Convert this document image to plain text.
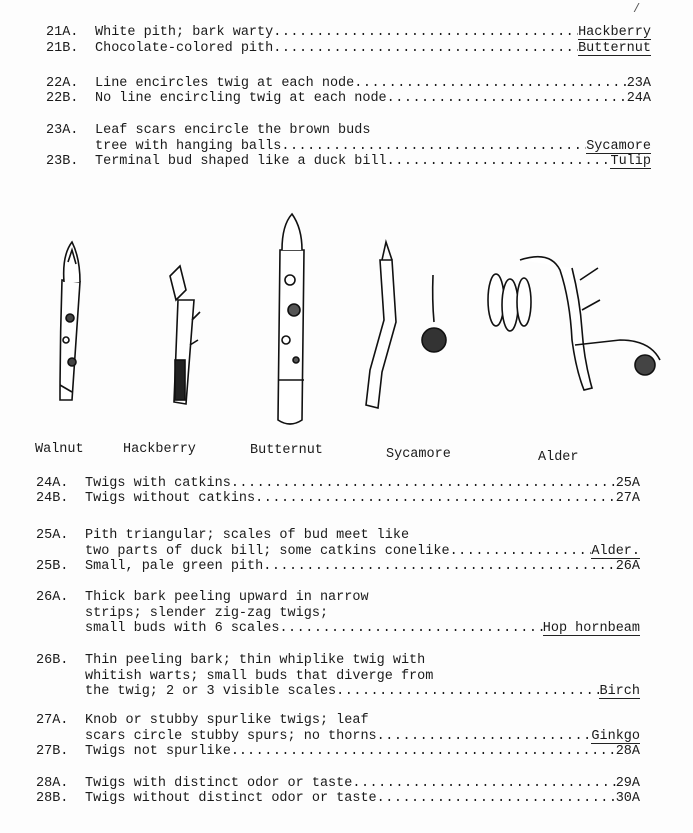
/
21A.	White pith; bark warty .....	Hackberry
21B.	Chocolate-colored pith .....	Butternut
22A.	Line encircles twig at each node .....	23A
22B.	No line encircling twig at each node .....	24A
23A.	Leaf scars encircle the brown buds
tree with hanging balls .....	Sycamore
23B.	Terminal bud shaped like a duck bill .....	Tulip
24A.	Twigs with catkins .....	25A
24B.	Twigs without catkins .....	27A
25A.	Pith triangular; scales of bud meet like
two parts of duck bill; some catkins conelike .....	Alder.
25B.	Small, pale green pith .....	26A
26A.	Thick bark peeling upward in narrow
strips; slender zig-zag twigs;
small buds with 6 scales .....	Hop hornbeam
26B.	Thin peeling bark; thin whiplike twig with
whitish warts; small buds that diverge from
the twig; 2 or 3 visible scales .....	Birch
27A.	Knob or stubby spurlike twigs; leaf
scars circle stubby spurs; no thorns .....	Ginkgo
27B.	Twigs not spurlike.. .....	28A
28A.	Twigs with distinct odor or taste .....	29A
28B.	Twigs without distinct odor or taste .....	30A
Walnut	Hackberry	Butternut	Sycamore	Alder
